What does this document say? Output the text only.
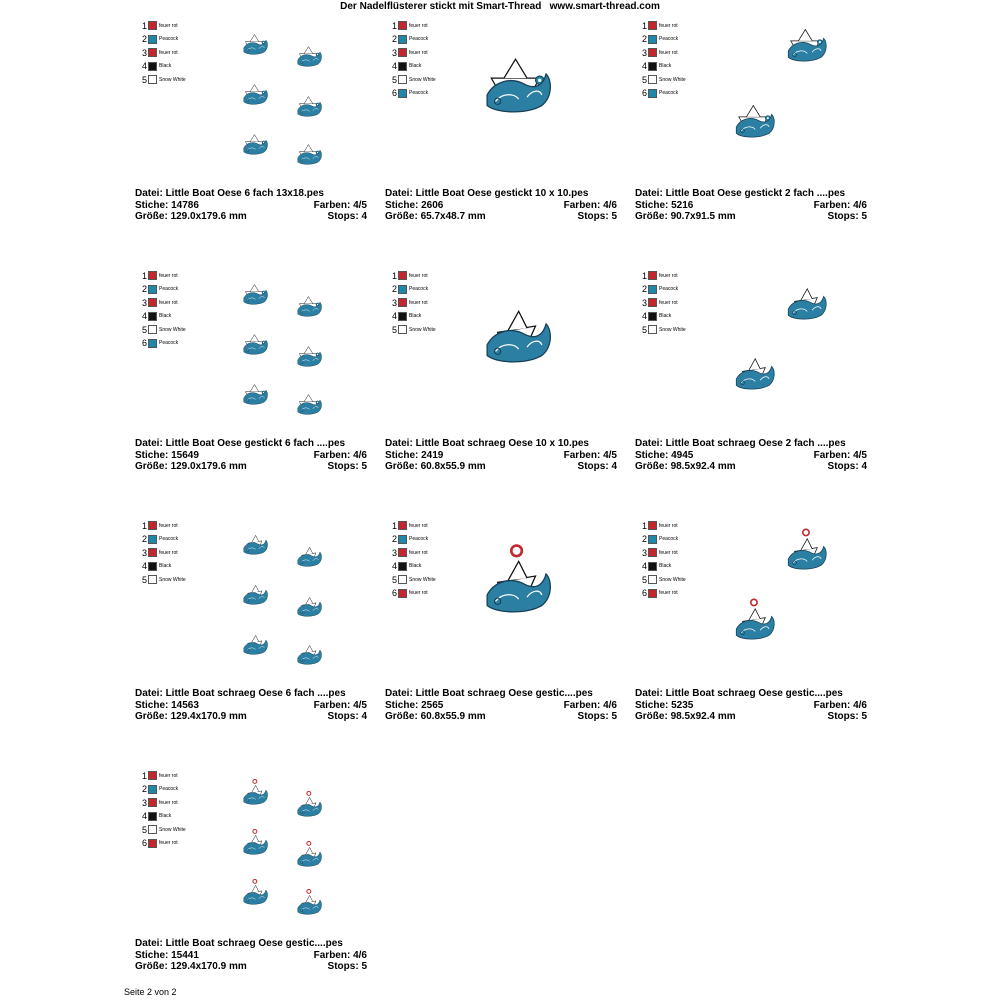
Der Nadelflüsterer stickt mit Smart-Thread   www.smart-thread.com
1 feuer rot
2 Peacock
3 feuer rot
4 Black
5 Snow White
Datei: Little Boat Oese 6 fach 13x18.pes
Stiche: 14786	Farben: 4/5
Größe: 129.0x179.6 mm	Stops: 4
1 feuer rot
2 Peacock
3 feuer rot
4 Black
5 Snow White
6 Peacock
Datei: Little Boat Oese gestickt 10 x 10.pes
Stiche: 2606	Farben: 4/6
Größe: 65.7x48.7 mm	Stops: 5
1 feuer rot
2 Peacock
3 feuer rot
4 Black
5 Snow White
6 Peacock
Datei: Little Boat Oese gestickt 2 fach ....pes
Stiche: 5216	Farben: 4/6
Größe: 90.7x91.5 mm	Stops: 5
1 feuer rot
2 Peacock
3 feuer rot
4 Black
5 Snow White
6 Peacock
Datei: Little Boat Oese gestickt 6 fach ....pes
Stiche: 15649	Farben: 4/6
Größe: 129.0x179.6 mm	Stops: 5
1 feuer rot
2 Peacock
3 feuer rot
4 Black
5 Snow White
Datei: Little Boat schraeg Oese 10 x 10.pes
Stiche: 2419	Farben: 4/5
Größe: 60.8x55.9 mm	Stops: 4
1 feuer rot
2 Peacock
3 feuer rot
4 Black
5 Snow White
Datei: Little Boat schraeg Oese 2 fach ....pes
Stiche: 4945	Farben: 4/5
Größe: 98.5x92.4 mm	Stops: 4
1 feuer rot
2 Peacock
3 feuer rot
4 Black
5 Snow White
Datei: Little Boat schraeg Oese 6 fach ....pes
Stiche: 14563	Farben: 4/5
Größe: 129.4x170.9 mm	Stops: 4
1 feuer rot
2 Peacock
3 feuer rot
4 Black
5 Snow White
6 feuer rot
Datei: Little Boat schraeg Oese gestic....pes
Stiche: 2565	Farben: 4/6
Größe: 60.8x55.9 mm	Stops: 5
1 feuer rot
2 Peacock
3 feuer rot
4 Black
5 Snow White
6 feuer rot
Datei: Little Boat schraeg Oese gestic....pes
Stiche: 5235	Farben: 4/6
Größe: 98.5x92.4 mm	Stops: 5
1 feuer rot
2 Peacock
3 feuer rot
4 Black
5 Snow White
6 feuer rot
Datei: Little Boat schraeg Oese gestic....pes
Stiche: 15441	Farben: 4/6
Größe: 129.4x170.9 mm	Stops: 5
Seite 2 von 2
